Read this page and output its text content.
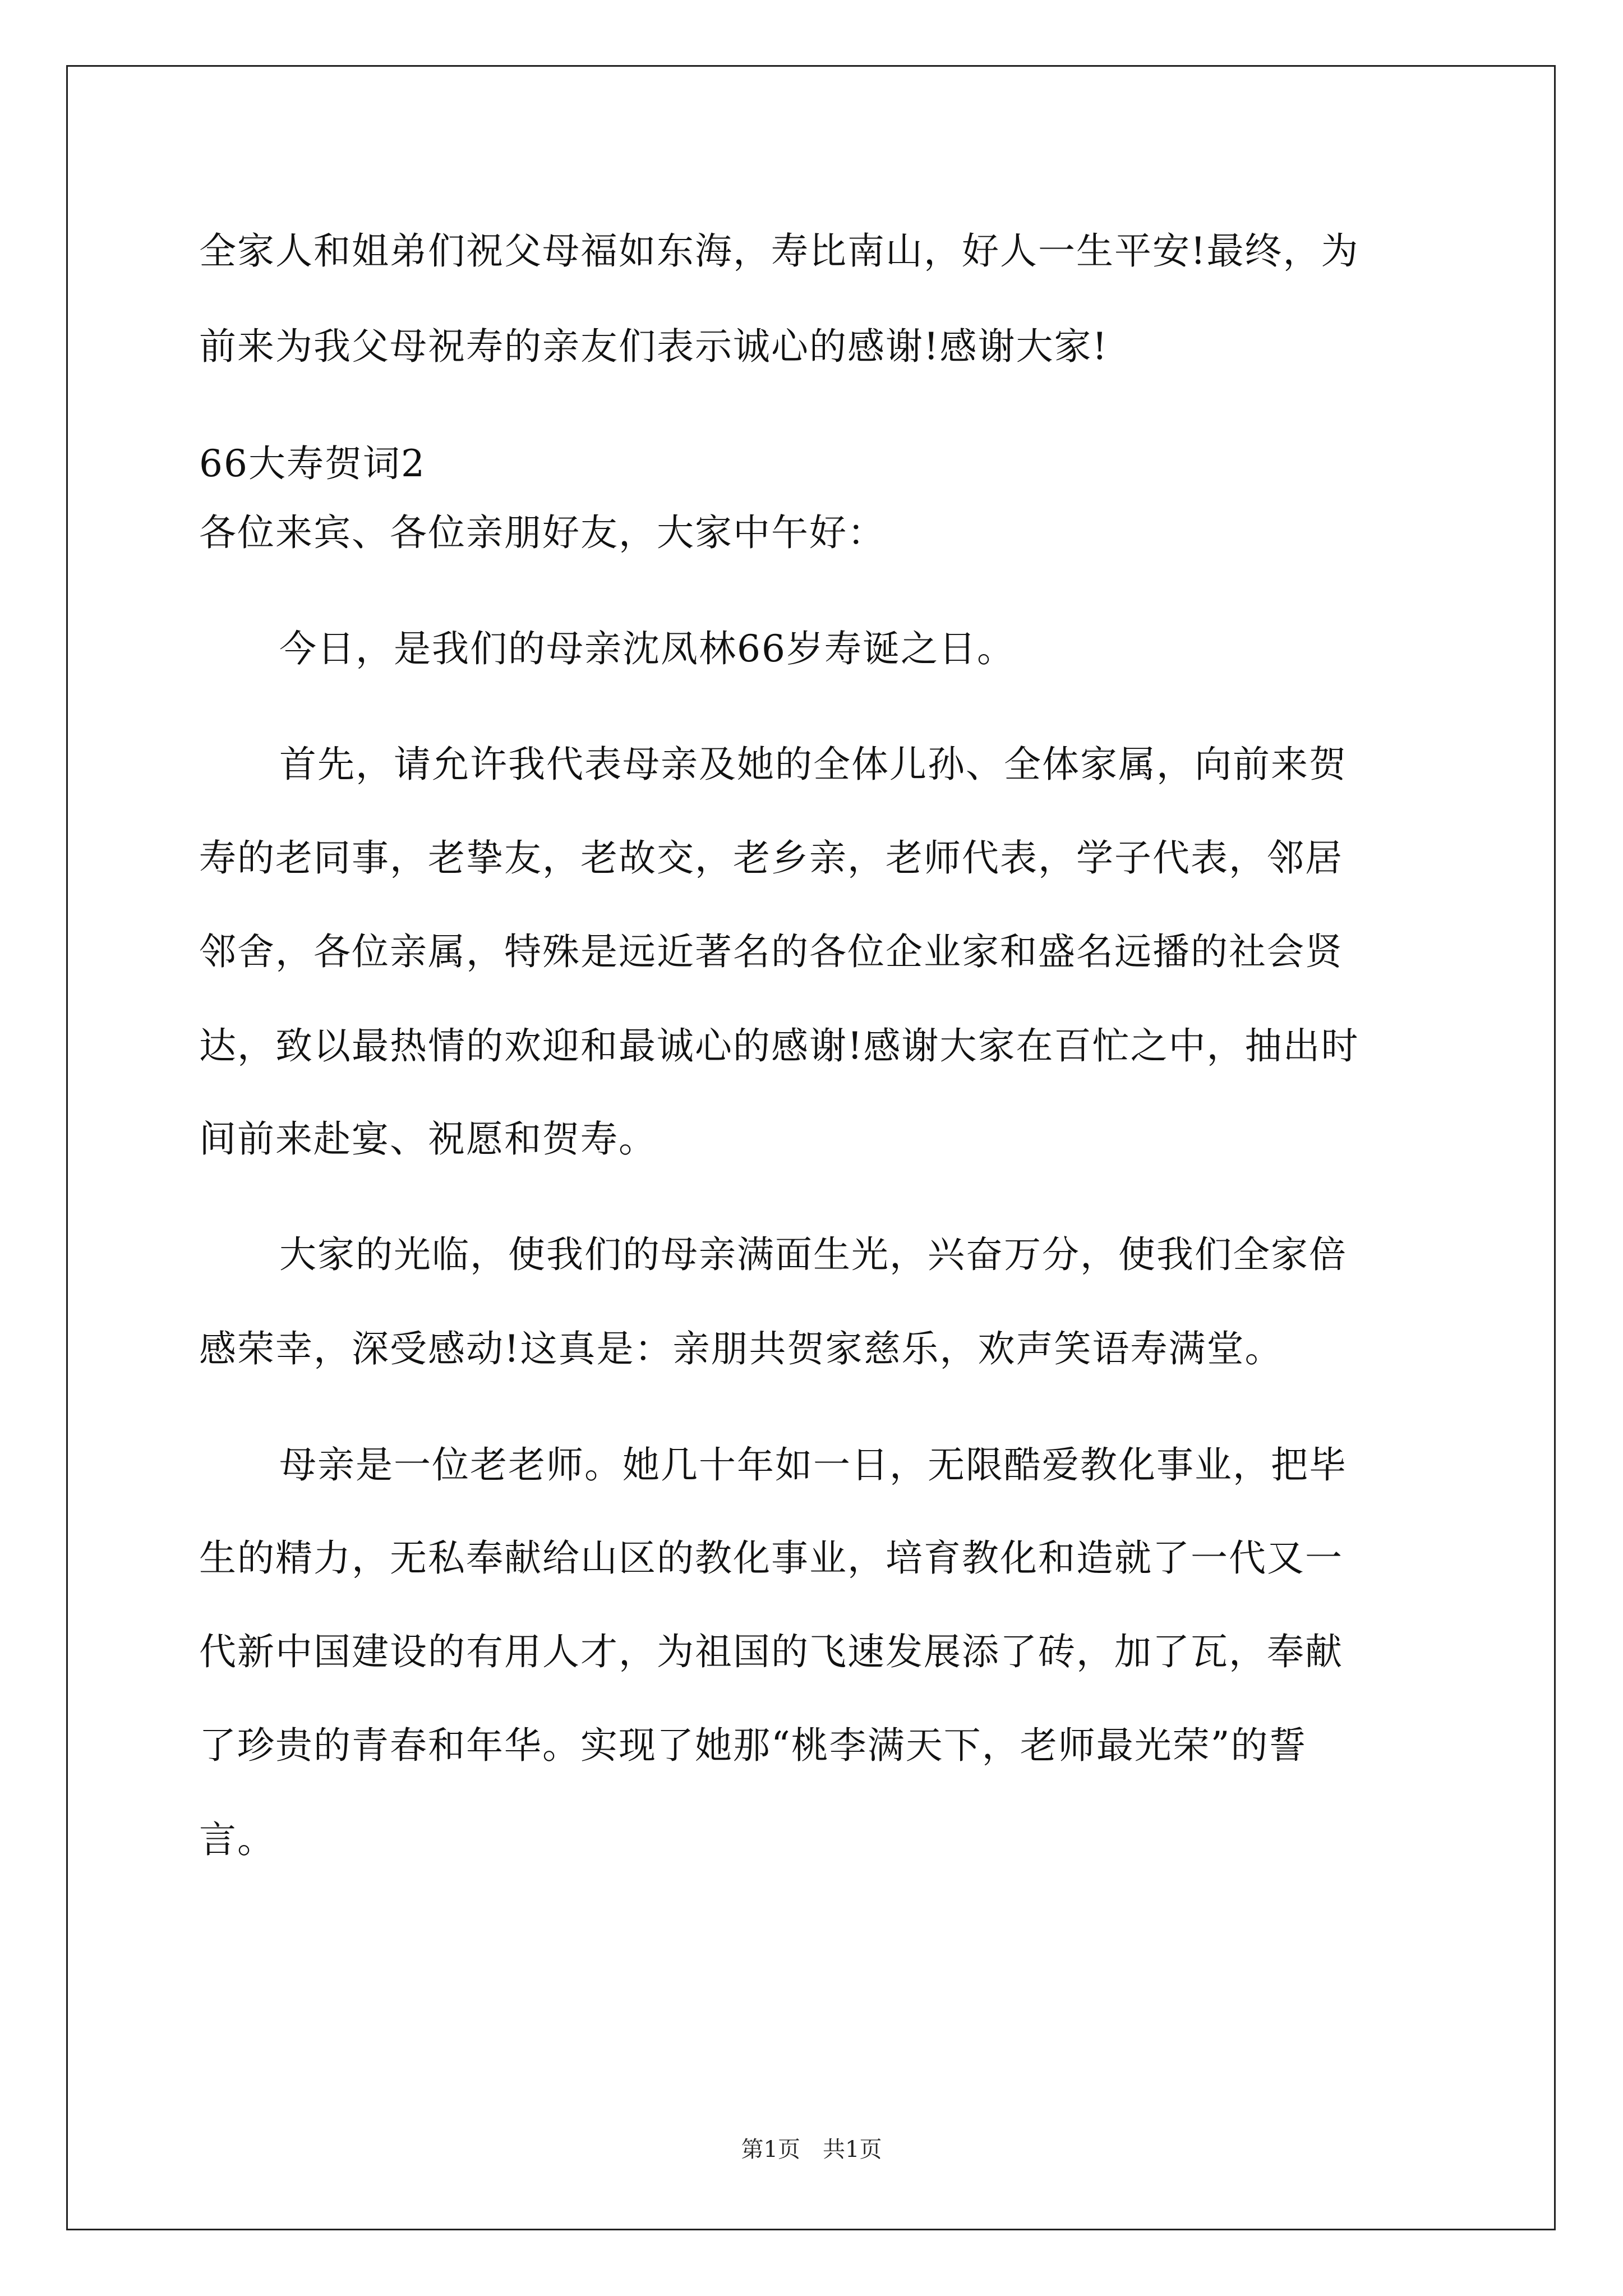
全家人和姐弟们祝父母福如东海，寿比南山，好人一生平安!最终，为
前来为我父母祝寿的亲友们表示诚心的感谢!感谢大家!
66大寿贺词2
各位来宾、各位亲朋好友，大家中午好：
今日，是我们的母亲沈凤林66岁寿诞之日。
首先，请允许我代表母亲及她的全体儿孙、全体家属，向前来贺
寿的老同事，老挚友，老故交，老乡亲，老师代表，学子代表，邻居
邻舍，各位亲属，特殊是远近著名的各位企业家和盛名远播的社会贤
达，致以最热情的欢迎和最诚心的感谢!感谢大家在百忙之中，抽出时
间前来赴宴、祝愿和贺寿。
大家的光临，使我们的母亲满面生光，兴奋万分，使我们全家倍
感荣幸，深受感动!这真是：亲朋共贺家慈乐，欢声笑语寿满堂。
母亲是一位老老师。她几十年如一日，无限酷爱教化事业，把毕
生的精力，无私奉献给山区的教化事业，培育教化和造就了一代又一
代新中国建设的有用人才，为祖国的飞速发展添了砖，加了瓦，奉献
了珍贵的青春和年华。实现了她那“桃李满天下，老师最光荣”的誓
言。
第1页　共1页
